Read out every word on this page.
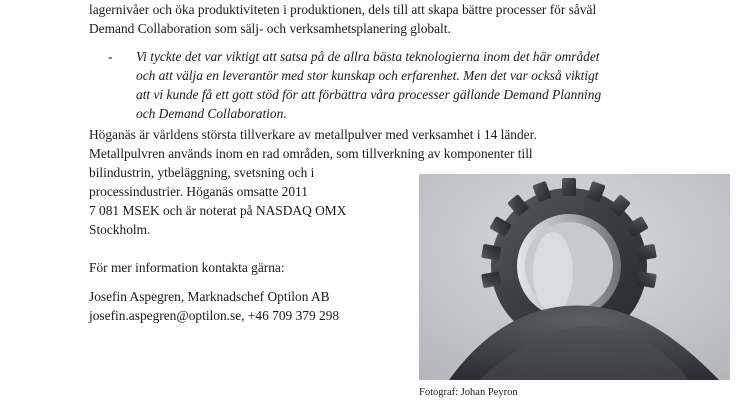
lagernivåer och öka produktiviteten i produktionen, dels till att skapa bättre processer för såväl
Demand Collaboration som sälj- och verksamhetsplanering globalt.
- Vi tyckte det var viktigt att satsa på de allra bästa teknologierna inom det här området
och att välja en leverantör med stor kunskap och erfarenhet. Men det var också viktigt
att vi kunde få ett gott stöd för att förbättra våra processer gällande Demand Planning
och Demand Collaboration.
Höganäs är världens största tillverkare av metallpulver med verksamhet i 14 länder.
Metallpulvren används inom en rad områden, som tillverkning av komponenter till
bilindustrin, ytbeläggning, svetsning och i
processindustrier. Höganäs omsatte 2011
7 081 MSEK och är noterat på NASDAQ OMX
Stockholm.
För mer information kontakta gärna:
Josefin Aspegren, Marknadschef Optilon AB
josefin.aspegren@optilon.se, +46 709 379 298
Fotograf: Johan Peyron
